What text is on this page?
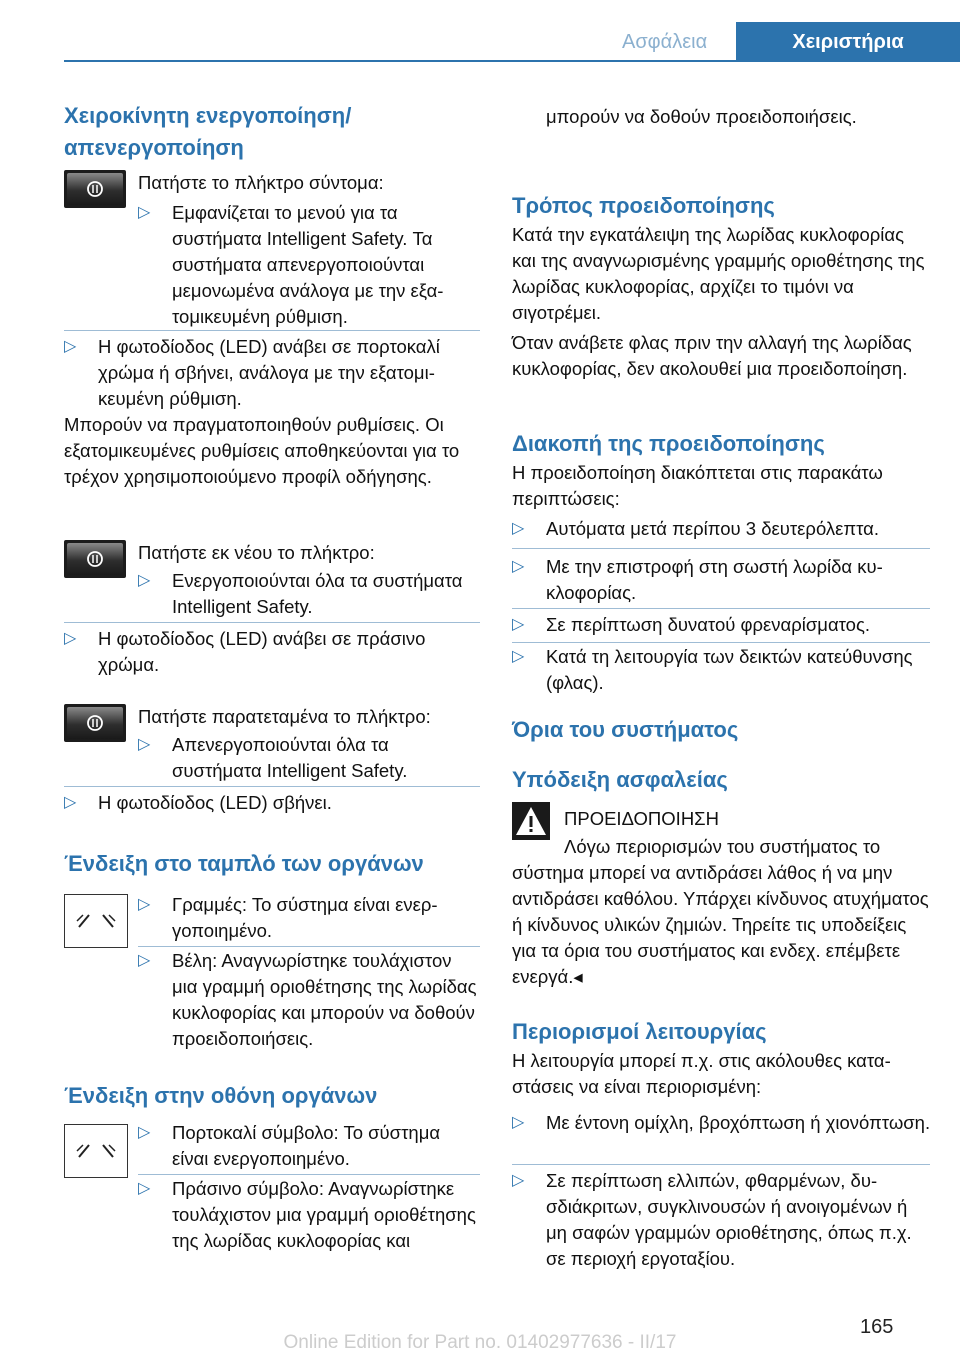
Ασφάλεια	Χειριστήρια
Χειροκίνητη ενεργοποίηση/
απενεργοποίηση
Πατήστε το πλήκτρο σύντομα:
▷ Εμφανίζεται το μενού για τα συστήματα Intelligent Safety. Τα συστήματα απενεργοποιούνται μεμονωμένα ανάλογα με την εξατομικευμένη ρύθμιση.
▷ Η φωτοδίοδος (LED) ανάβει σε πορτοκαλί χρώμα ή σβήνει, ανάλογα με την εξατομικευμένη ρύθμιση.
Μπορούν να πραγματοποιηθούν ρυθμίσεις. Οι εξατομικευμένες ρυθμίσεις αποθηκεύονται για το τρέχον χρησιμοποιούμενο προφίλ οδήγησης.
Πατήστε εκ νέου το πλήκτρο:
▷ Ενεργοποιούνται όλα τα συστήματα Intelligent Safety.
▷ Η φωτοδίοδος (LED) ανάβει σε πράσινο χρώμα.
Πατήστε παρατεταμένα το πλήκτρο:
▷ Απενεργοποιούνται όλα τα συστήματα Intelligent Safety.
▷ Η φωτοδίοδος (LED) σβήνει.
Ένδειξη στο ταμπλό των οργάνων
▷ Γραμμές: Το σύστημα είναι ενεργοποιημένο.
▷ Βέλη: Αναγνωρίστηκε τουλάχιστον μια γραμμή οριοθέτησης της λωρίδας κυκλοφορίας και μπορούν να δοθούν προειδοποιήσεις.
Ένδειξη στην οθόνη οργάνων
▷ Πορτοκαλί σύμβολο: Το σύστημα είναι ενεργοποιημένο.
▷ Πράσινο σύμβολο: Αναγνωρίστηκε τουλάχιστον μια γραμμή οριοθέτησης της λωρίδας κυκλοφορίας και
μπορούν να δοθούν προειδοποιήσεις.
Τρόπος προειδοποίησης
Κατά την εγκατάλειψη της λωρίδας κυκλοφορίας και της αναγνωρισμένης γραμμής οριοθέτησης της λωρίδας κυκλοφορίας, αρχίζει το τιμόνι να σιγοτρέμει.
Όταν ανάβετε φλας πριν την αλλαγή της λωρίδας κυκλοφορίας, δεν ακολουθεί μια προειδοποίηση.
Διακοπή της προειδοποίησης
Η προειδοποίηση διακόπτεται στις παρακάτω περιπτώσεις:
▷ Αυτόματα μετά περίπου 3 δευτερόλεπτα.
▷ Με την επιστροφή στη σωστή λωρίδα κυκλοφορίας.
▷ Σε περίπτωση δυνατού φρεναρίσματος.
▷ Κατά τη λειτουργία των δεικτών κατεύθυνσης (φλας).
Όρια του συστήματος
Υπόδειξη ασφαλείας
ΠΡΟΕΙΔΟΠΟΙΗΣΗ
Λόγω περιορισμών του συστήματος το σύστημα μπορεί να αντιδράσει λάθος ή να μην αντιδράσει καθόλου. Υπάρχει κίνδυνος ατυχήματος ή κίνδυνος υλικών ζημιών. Τηρείτε τις υποδείξεις για τα όρια του συστήματος και ενδεχ. επέμβετε ενεργά.◂
Περιορισμοί λειτουργίας
Η λειτουργία μπορεί π.χ. στις ακόλουθες καταστάσεις να είναι περιορισμένη:
▷ Με έντονη ομίχλη, βροχόπτωση ή χιονόπτωση.
▷ Σε περίπτωση ελλιπών, φθαρμένων, δυσδιάκριτων, συγκλινουσών ή ανοιγομένων ή μη σαφών γραμμών οριοθέτησης, όπως π.χ. σε περιοχή εργοταξίου.
165
Online Edition for Part no. 01402977636 - II/17
